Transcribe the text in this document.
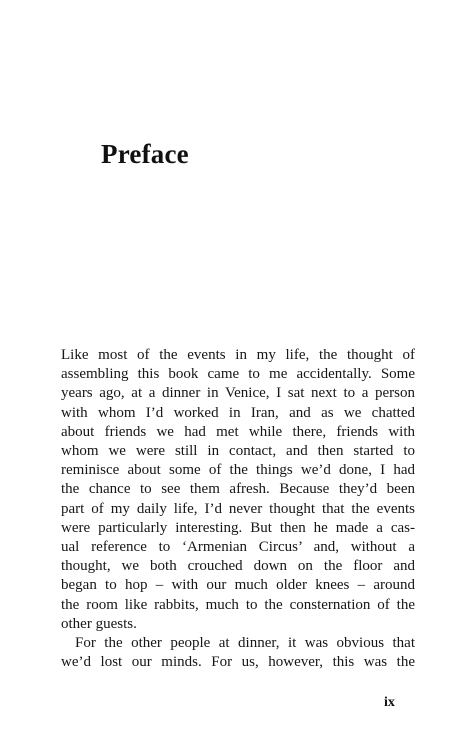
Preface

Like most of the events in my life, the thought of
assembling this book came to me accidentally. Some
years ago, at a dinner in Venice, I sat next to a person
with whom I’d worked in Iran, and as we chatted
about friends we had met while there, friends with
whom we were still in contact, and then started to
reminisce about some of the things we’d done, I had
the chance to see them afresh. Because they’d been
part of my daily life, I’d never thought that the events
were particularly interesting. But then he made a cas-
ual reference to ‘Armenian Circus’ and, without a
thought, we both crouched down on the floor and
began to hop – with our much older knees – around
the room like rabbits, much to the consternation of the
other guests.

For the other people at dinner, it was obvious that
we’d lost our minds. For us, however, this was the

ix
